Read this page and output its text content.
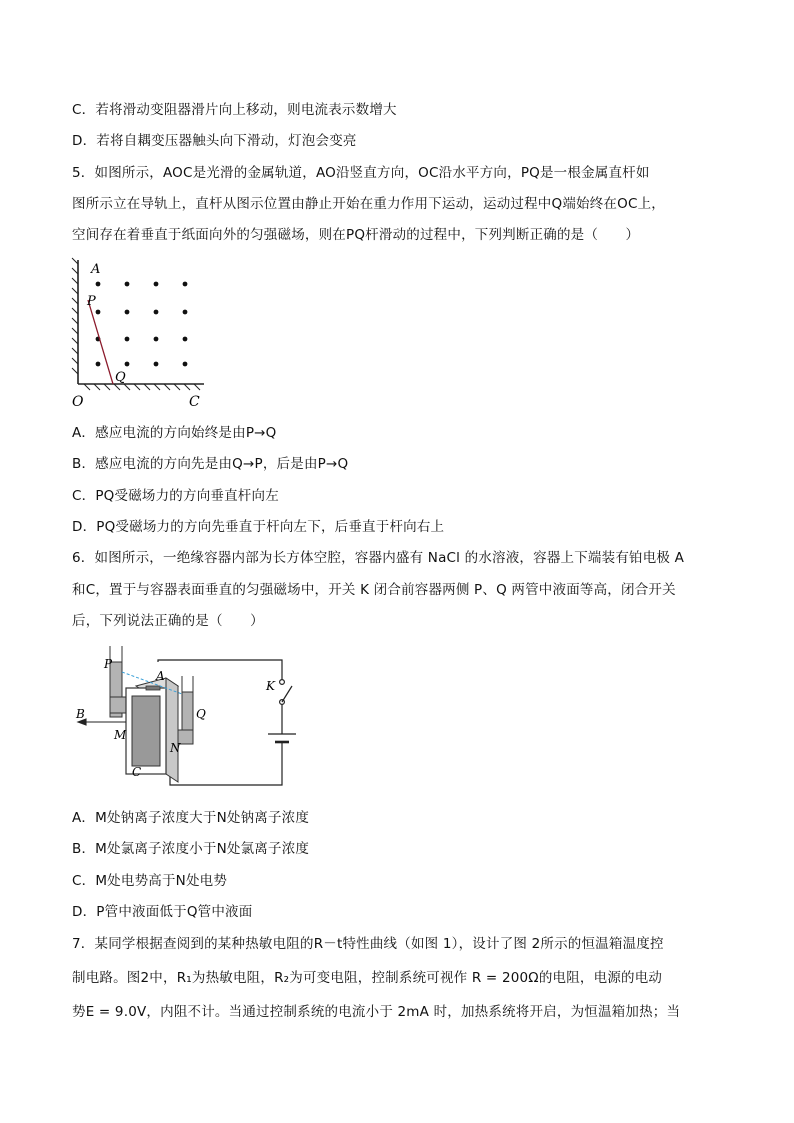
C．若将滑动变阻器滑片向上移动，则电流表示数增大
D．若将自耦变压器触头向下滑动，灯泡会变亮
5．如图所示，AOC是光滑的金属轨道，AO沿竖直方向，OC沿水平方向，PQ是一根金属直杆如
图所示立在导轨上，直杆从图示位置由静止开始在重力作用下运动，运动过程中Q端始终在OC上，
空间存在着垂直于纸面向外的匀强磁场，则在PQ杆滑动的过程中，下列判断正确的是（　　）
A
P
Q
O	C
A．感应电流的方向始终是由P→Q
B．感应电流的方向先是由Q→P，后是由P→Q
C．PQ受磁场力的方向垂直杆向左
D．PQ受磁场力的方向先垂直于杆向左下，后垂直于杆向右上
6．如图所示，一绝缘容器内部为长方体空腔，容器内盛有 NaCl 的水溶液，容器上下端装有铂电极 A
和C，置于与容器表面垂直的匀强磁场中，开关 K 闭合前容器两侧 P、Q 两管中液面等高，闭合开关
后，下列说法正确的是（　　）
P
A
K
B	Q
M
N
C
A．M处钠离子浓度大于N处钠离子浓度
B．M处氯离子浓度小于N处氯离子浓度
C．M处电势高于N处电势
D．P管中液面低于Q管中液面
7．某同学根据查阅到的某种热敏电阻的R－t特性曲线（如图 1），设计了图 2所示的恒温箱温度控
制电路。图2中，R₁为热敏电阻，R₂为可变电阻，控制系统可视作 R = 200Ω的电阻，电源的电动
势E = 9.0V，内阻不计。当通过控制系统的电流小于 2mA 时，加热系统将开启，为恒温箱加热；当
